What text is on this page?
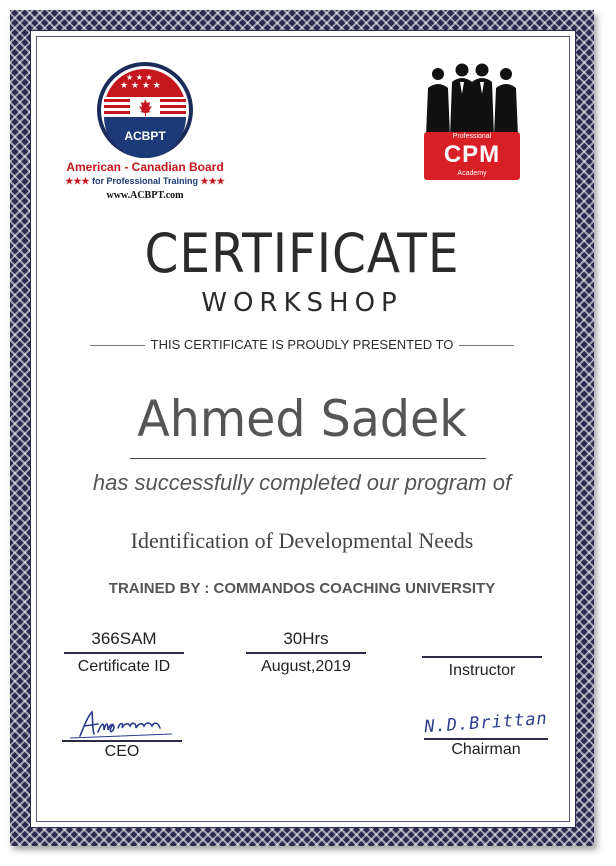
★ ★ ★ ★
★ ★ ★
ACBPT
American - Canadian Board
★★★ for Professional Training ★★★
www.ACBPT.com
Professional
CPM
Academy
CERTIFICATE
WORKSHOP
THIS CERTIFICATE IS PROUDLY PRESENTED TO
Ahmed Sadek
has successfully completed our program of
Identification of Developmental Needs
TRAINED BY : COMMANDOS COACHING UNIVERSITY
366SAM
Certificate ID
30Hrs
August,2019	Instructor
CEO
N.D.Brittan
Chairman
